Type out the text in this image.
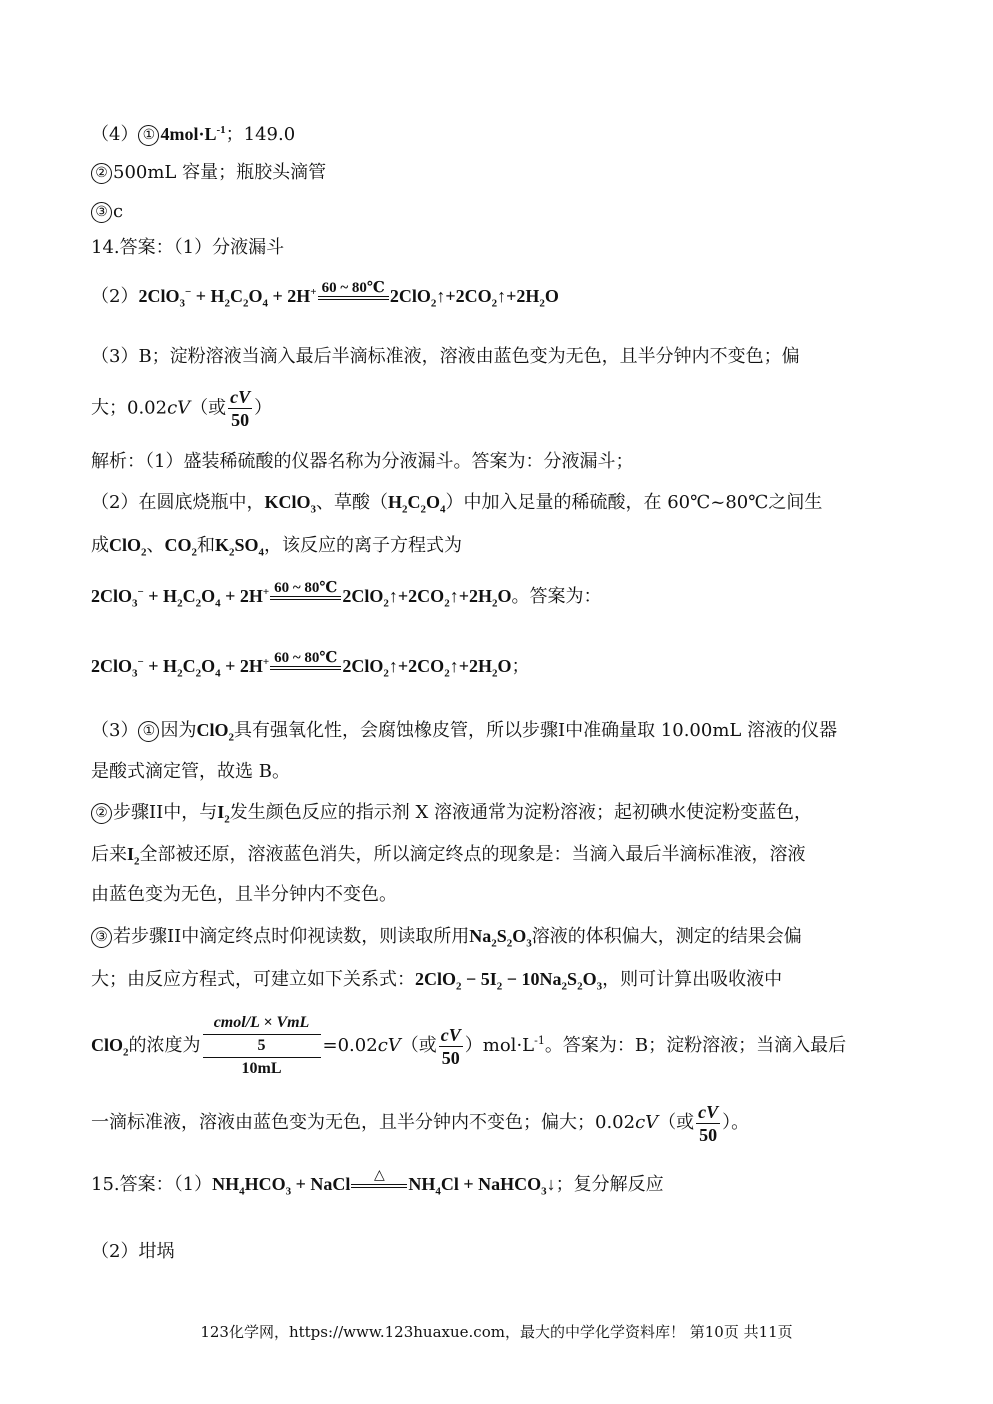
（4） ① $4mol\cdot L^{-1}$；149.0
② 500mL 容量；瓶胶头滴管
③ c
14.答案：（1）分液漏斗
$(2)2ClO_3^- + H_2C_2O_4 + 2H^+$ 60 ~ 80℃ $2ClO_2↑+2CO_2↑+2H_2O$
（3）B；淀粉溶液当滴入最后半滴标准液，溶液由蓝色变为无色，且半分钟内不变色；偏
大；0.02cV（或 $\frac{cV}{50}$ ）
解析：（1）盛装稀硫酸的仪器名称为分液漏斗。答案为：分液漏斗；
（2）在圆底烧瓶中，KClO$_3$、草酸$(H_2C_2O_4)$中加入足量的稀硫酸，在 60℃~80℃之间生
成ClO$_2$、$CO_2$和$K_2SO_4$，该反应的离子方程式为
$2ClO_3^- + H_2C_2O_4 + 2H^+$ 60 ~ 80℃ $2ClO_2↑+2CO_2↑+2H_2O$。答案为：
$2ClO_3^- + H_2C_2O_4 + 2H^+$ 60 ~ 80℃ $2ClO_2↑+2CO_2↑+2H_2O$；
（3） ① 因为ClO$_2$具有强氧化性，会腐蚀橡皮管，所以步骤I中准确量取 10.00mL 溶液的仪器
是酸式滴定管，故选 B。
② 步骤II中，与$I_2$发生颜色反应的指示剂 X 溶液通常为淀粉溶液；起初碘水使淀粉变蓝色，
后来$I_2$全部被还原，溶液蓝色消失，所以滴定终点的现象是：当滴入最后半滴标准液，溶液
由蓝色变为无色，且半分钟内不变色。
③ 若步骤II中滴定终点时仰视读数，则读取所用$Na_2S_2O_3$溶液的体积偏大，测定的结果会偏
大；由反应方程式，可建立如下关系式：$2ClO_2 - 5I_2 - 10Na_2S_2O_3$，则可计算出吸收液中
ClO$_2$的浓度为
cmol/L × VmL
5
10mL
=0.02cV（或 $\frac{cV}{50} )mol\cdot L^{-1}$。答案为：B；淀粉溶液；当滴入最后
一滴标准液，溶液由蓝色变为无色，且半分钟内不变色；偏大；0.02cV（或 $\frac{cV}{50}$ ）。
15.答案：$(1)NH_4HCO_3$ + NaCl	△	$NH_4Cl$ + NaHCO$_3$↓；复分解反应
（2）坩埚
123化学网，https://www.123huaxue.com，最大的中学化学资料库！ 第10页 共11页
